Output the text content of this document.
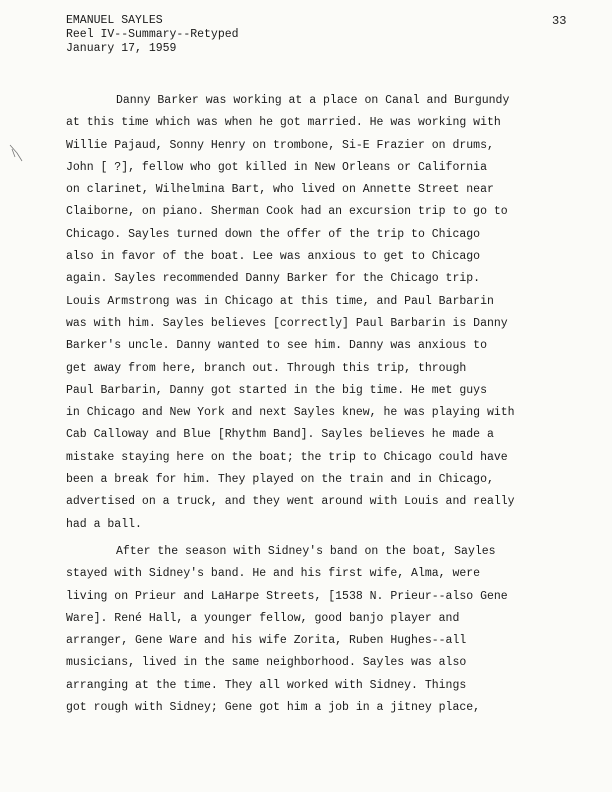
EMANUEL SAYLES
Reel IV--Summary--Retyped
January 17, 1959
33
Danny Barker was working at a place on Canal and Burgundy
at this time which was when he got married. He was working with
Willie Pajaud, Sonny Henry on trombone, Si-E Frazier on drums,
John [ ?], fellow who got killed in New Orleans or California
on clarinet, Wilhelmina Bart, who lived on Annette Street near
Claiborne, on piano. Sherman Cook had an excursion trip to go to
Chicago. Sayles turned down the offer of the trip to Chicago
also in favor of the boat. Lee was anxious to get to Chicago
again. Sayles recommended Danny Barker for the Chicago trip.
Louis Armstrong was in Chicago at this time, and Paul Barbarin
was with him. Sayles believes [correctly] Paul Barbarin is Danny
Barker's uncle. Danny wanted to see him. Danny was anxious to
get away from here, branch out. Through this trip, through
Paul Barbarin, Danny got started in the big time. He met guys
in Chicago and New York and next Sayles knew, he was playing with
Cab Calloway and Blue [Rhythm Band]. Sayles believes he made a
mistake staying here on the boat; the trip to Chicago could have
been a break for him. They played on the train and in Chicago,
advertised on a truck, and they went around with Louis and really
had a ball.
After the season with Sidney's band on the boat, Sayles
stayed with Sidney's band. He and his first wife, Alma, were
living on Prieur and LaHarpe Streets, [1538 N. Prieur--also Gene
Ware]. René Hall, a younger fellow, good banjo player and
arranger, Gene Ware and his wife Zorita, Ruben Hughes--all
musicians, lived in the same neighborhood. Sayles was also
arranging at the time. They all worked with Sidney. Things
got rough with Sidney; Gene got him a job in a jitney place,
